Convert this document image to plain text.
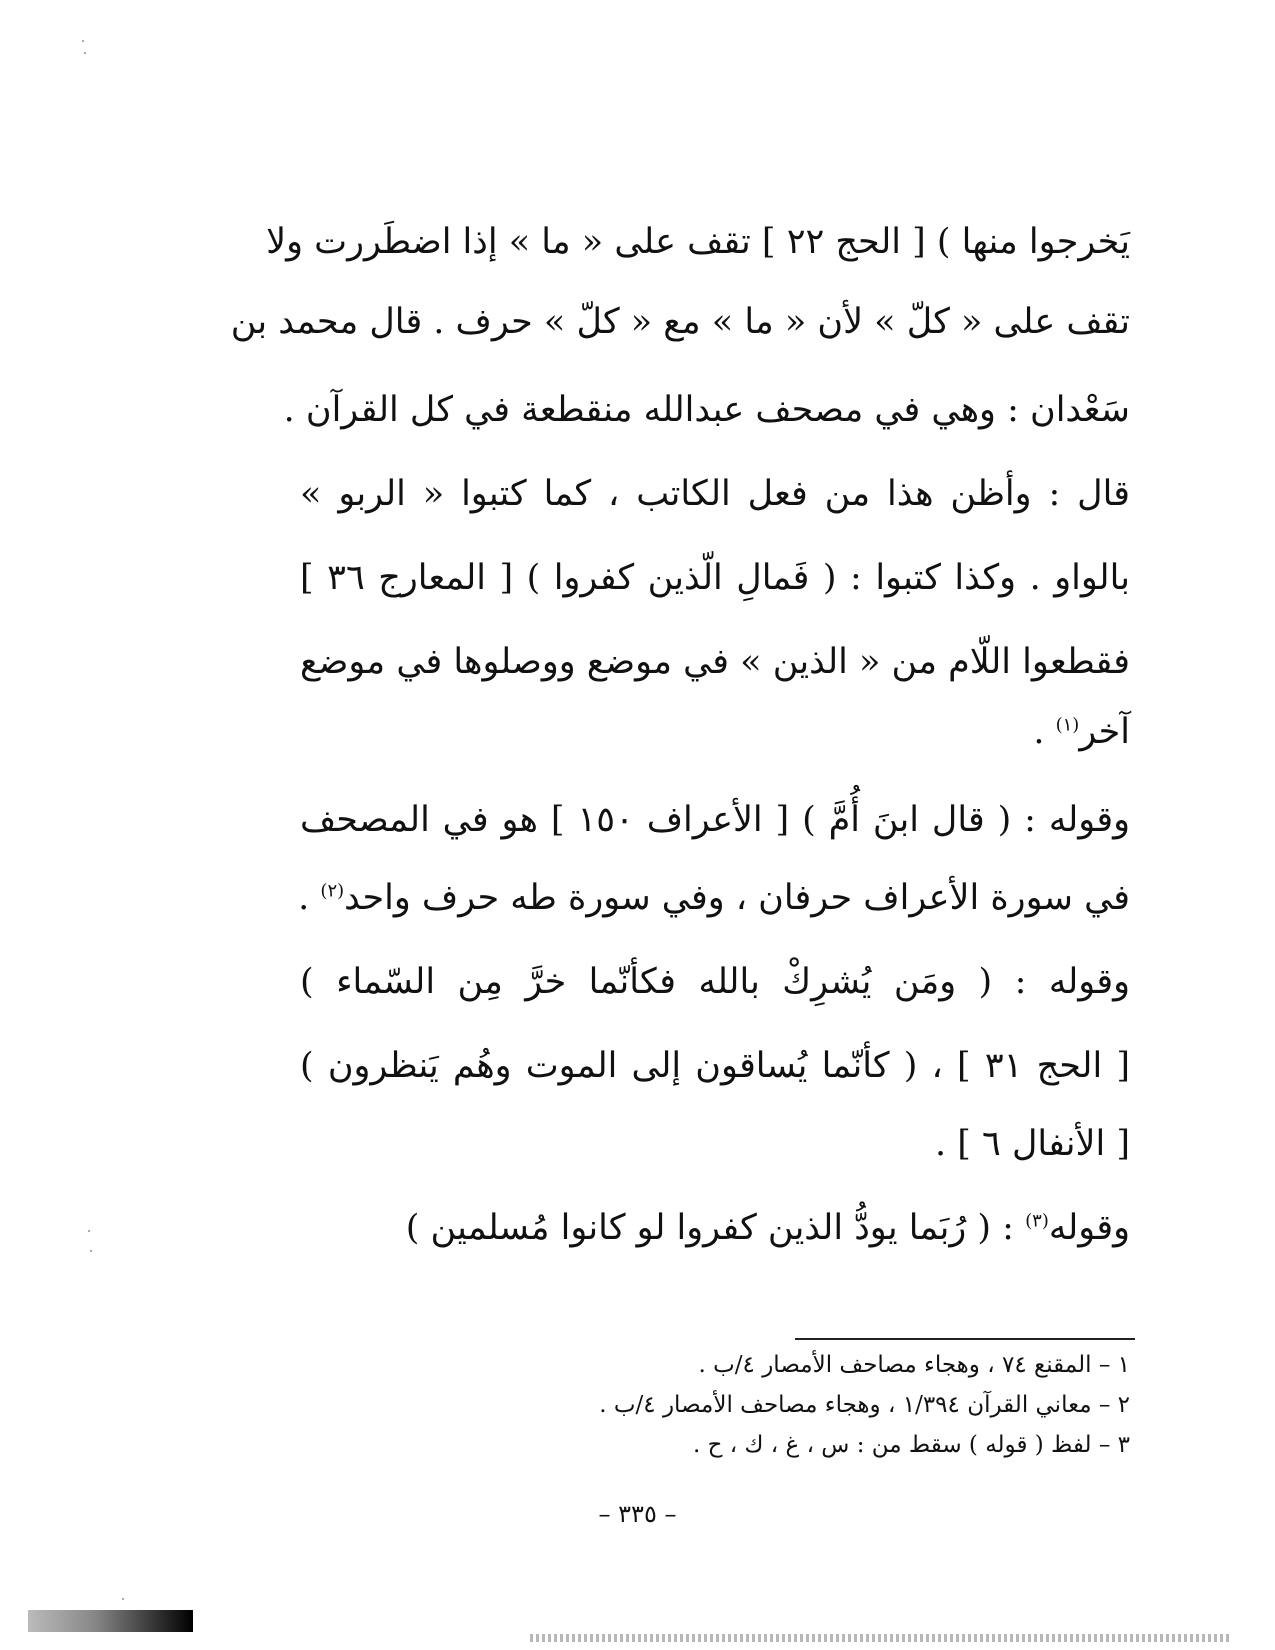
يَخرجوا منها ) [ الحج ٢٢ ] تقف على « ما » إذا اضطَررت ولا
تقف على « كلّ » لأن « ما » مع « كلّ » حرف . قال محمد بن
سَعْدان : وهي في مصحف عبدالله منقطعة في كل القرآن .
قال : وأظن هذا من فعل الكاتب ، كما كتبوا « الربو »
بالواو . وكذا كتبوا : ( فَمالِ الّذين كفروا ) [ المعارج ٣٦ ]
فقطعوا اللّام من « الذين » في موضع ووصلوها في موضع
آخر$^{(١)}$ .
وقوله : ( قال ابنَ أُمَّ ) [ الأعراف ١٥٠ ] هو في المصحف
في سورة الأعراف حرفان ، وفي سورة طه حرف واحد$^{(٢)}$ .
وقوله : ( ومَن يُشرِكْ بالله فكأنّما خرَّ مِن السّماء )
[ الحج ٣١ ] ، ( كأنّما يُساقون إلى الموت وهُم يَنظرون )
[ الأنفال ٦ ] .
وقوله$^{(٣)}$ : ( رُبَما يودُّ الذين كفروا لو كانوا مُسلمين )
١ – المقنع ٧٤ ، وهجاء مصاحف الأمصار ٤/ب .
٢ – معاني القرآن ١/٣٩٤ ، وهجاء مصاحف الأمصار ٤/ب .
٣ – لفظ ( قوله ) سقط من : س ، غ ، ك ، ح .
– ٣٣٥ –
